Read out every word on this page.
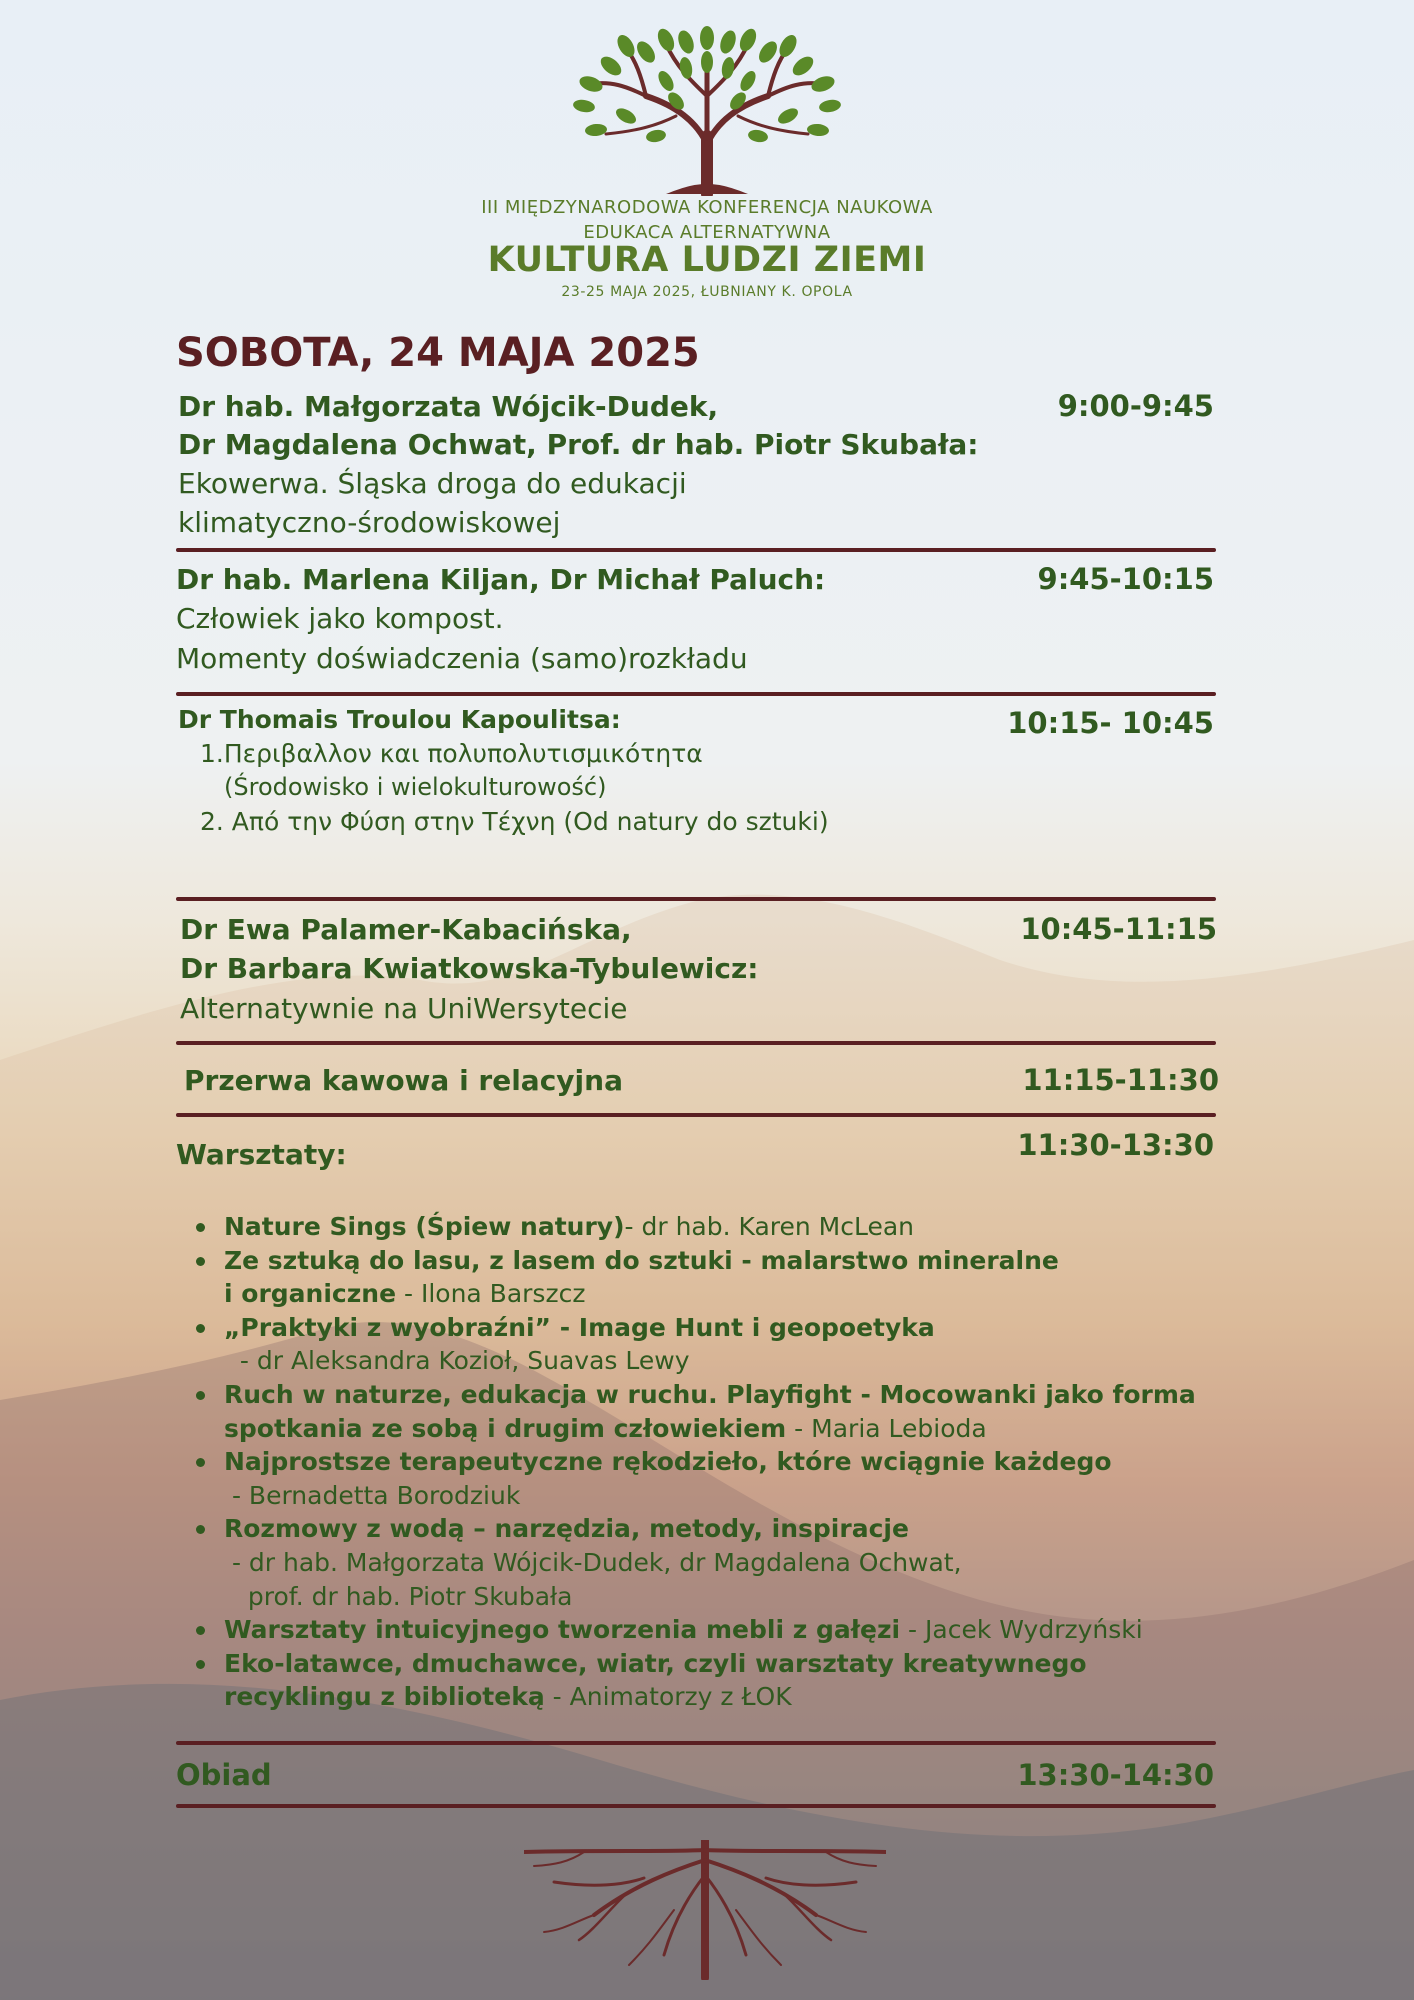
III MIĘDZYNARODOWA KONFERENCJA NAUKOWA
EDUKACA ALTERNATYWNA
KULTURA LUDZI ZIEMI
23-25 MAJA 2025, ŁUBNIANY K. OPOLA
SOBOTA, 24 MAJA 2025
Dr hab. Małgorzata Wójcik-Dudek,
Dr Magdalena Ochwat, Prof. dr hab. Piotr Skubała:
Ekowerwa. Śląska droga do edukacji
klimatyczno-środowiskowej
9:00-9:45
Dr hab. Marlena Kiljan, Dr Michał Paluch:
Człowiek jako kompost.
Momenty doświadczenia (samo)rozkładu
9:45-10:15
Dr Thomais Troulou Kapoulitsa:
1.Περιβαλλον και πολυπολυτισμικότητα
(Środowisko i wielokulturowość)
2. Από την Φύση στην Τέχνη (Od natury do sztuki)
10:15- 10:45
Dr Ewa Palamer-Kabacińska,
Dr Barbara Kwiatkowska-Tybulewicz:
Alternatywnie na UniWersytecie
10:45-11:15
Przerwa kawowa i relacyjna	11:15-11:30
Warsztaty:	11:30-13:30
Nature Sings (Śpiew natury)- dr hab. Karen McLean
Ze sztuką do lasu, z lasem do sztuki - malarstwo mineralne
i organiczne - Ilona Barszcz
„Praktyki z wyobraźni” - Image Hunt i geopoetyka
- dr Aleksandra Kozioł, Suavas Lewy
Ruch w naturze, edukacja w ruchu. Playfight - Mocowanki jako forma
spotkania ze sobą i drugim człowiekiem - Maria Lebioda
Najprostsze terapeutyczne rękodzieło, które wciągnie każdego
- Bernadetta Borodziuk
Rozmowy z wodą – narzędzia, metody, inspiracje
- dr hab. Małgorzata Wójcik-Dudek, dr Magdalena Ochwat,
prof. dr hab. Piotr Skubała
Warsztaty intuicyjnego tworzenia mebli z gałęzi - Jacek Wydrzyński
Eko-latawce, dmuchawce, wiatr, czyli warsztaty kreatywnego
recyklingu z biblioteką - Animatorzy z ŁOK
Obiad	13:30-14:30
